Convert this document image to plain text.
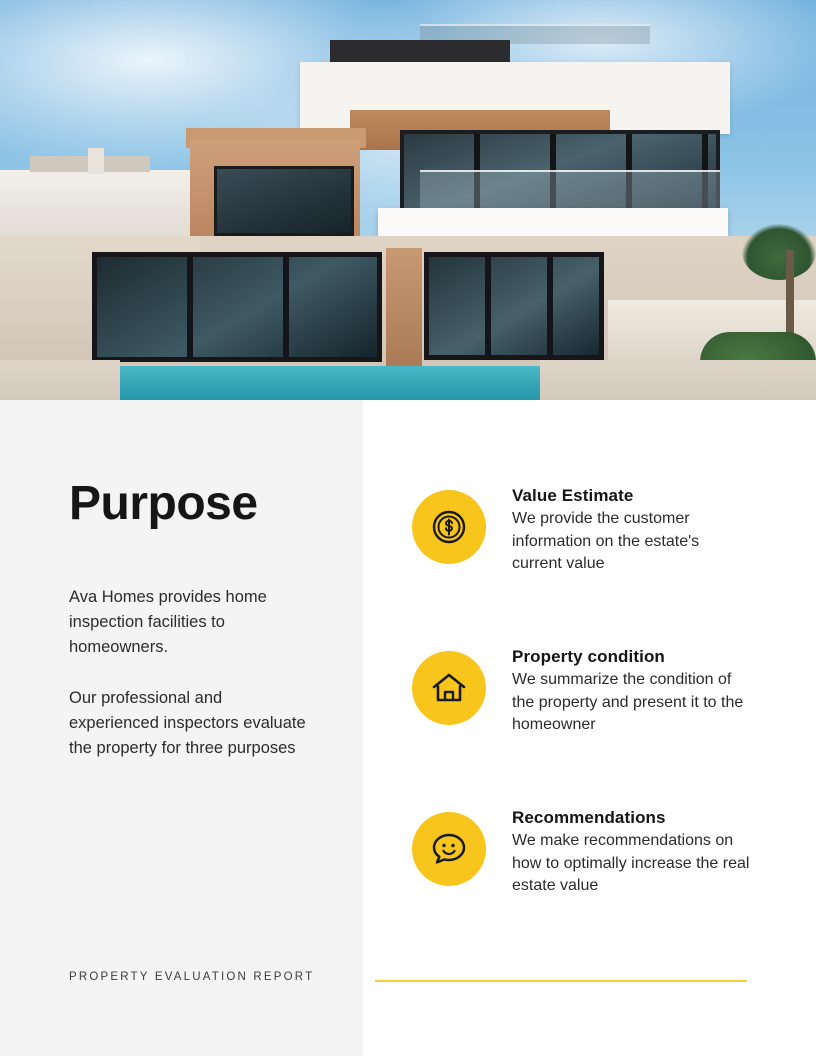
Purpose

Ava Homes provides home inspection facilities to homeowners.

Our professional and experienced inspectors evaluate the property for three purposes

PROPERTY EVALUATION REPORT
Value Estimate

We provide the customer information on the estate's current value

Property condition

We summarize the condition of the property and present it to the homeowner

Recommendations

We make recommendations on how to optimally increase the real estate value
